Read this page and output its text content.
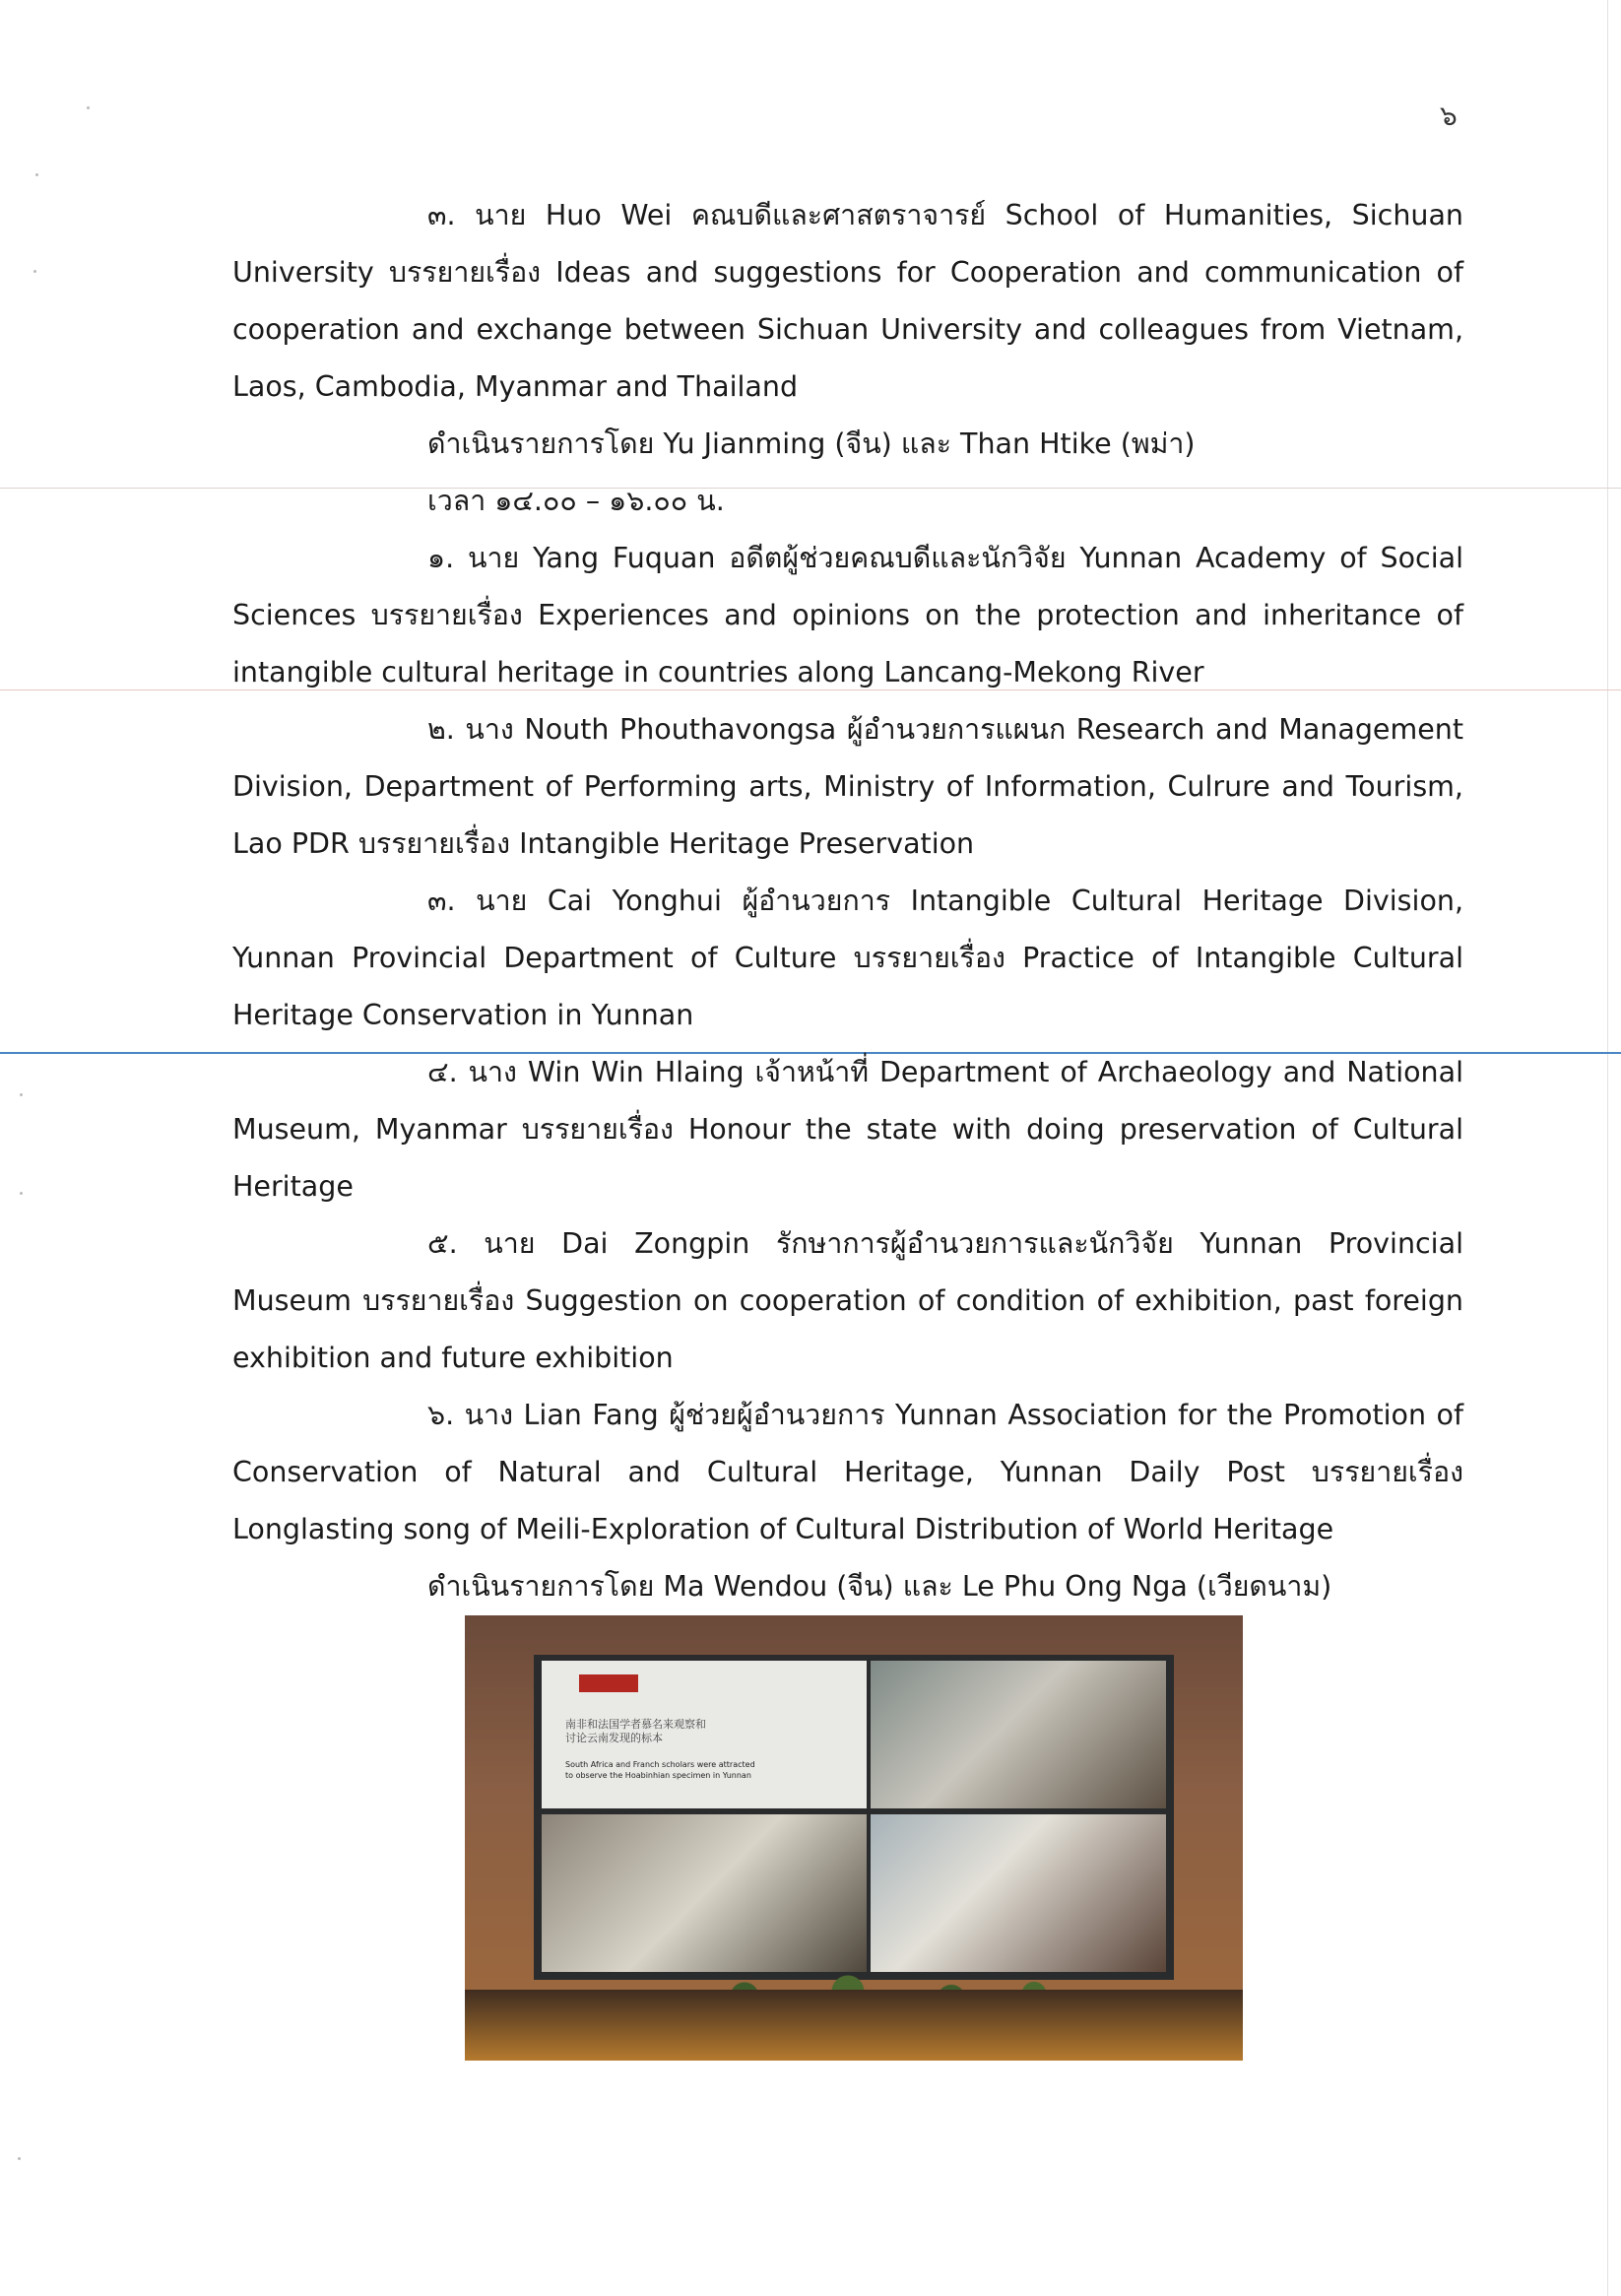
๖

๓. นาย Huo Wei คณบดีและศาสตราจารย์ School of Humanities, Sichuan University บรรยายเรื่อง Ideas and suggestions for Cooperation and communication of cooperation and exchange between Sichuan University and colleagues from Vietnam, Laos, Cambodia, Myanmar and Thailand

ดำเนินรายการโดย Yu Jianming (จีน) และ Than Htike (พม่า)

เวลา ๑๔.๐๐ – ๑๖.๐๐ น.

๑. นาย Yang Fuquan อดีตผู้ช่วยคณบดีและนักวิจัย Yunnan Academy of Social Sciences บรรยายเรื่อง Experiences and opinions on the protection and inheritance of intangible cultural heritage in countries along Lancang-Mekong River

๒. นาง Nouth Phouthavongsa ผู้อำนวยการแผนก Research and Management Division, Department of Performing arts, Ministry of Information, Culrure and Tourism, Lao PDR บรรยายเรื่อง Intangible Heritage Preservation

๓. นาย Cai Yonghui ผู้อำนวยการ Intangible Cultural Heritage Division, Yunnan Provincial Department of Culture บรรยายเรื่อง Practice of Intangible Cultural Heritage Conservation in Yunnan

๔. นาง Win Win Hlaing เจ้าหน้าที่ Department of Archaeology and National Museum, Myanmar บรรยายเรื่อง Honour the state with doing preservation of Cultural Heritage

๕. นาย Dai Zongpin รักษาการผู้อำนวยการและนักวิจัย Yunnan Provincial Museum บรรยายเรื่อง Suggestion on cooperation of condition of exhibition, past foreign exhibition and future exhibition

๖. นาง Lian Fang ผู้ช่วยผู้อำนวยการ Yunnan Association for the Promotion of Conservation of Natural and Cultural Heritage, Yunnan Daily Post บรรยายเรื่อง Longlasting song of Meili-Exploration of Cultural Distribution of World Heritage

ดำเนินรายการโดย Ma Wendou (จีน) และ Le Phu Ong Nga (เวียดนาม)

南非和法国学者慕名来观察和
讨论云南发现的标本
South Africa and Franch scholars were attracted
to observe the Hoabinhian specimen in Yunnan
